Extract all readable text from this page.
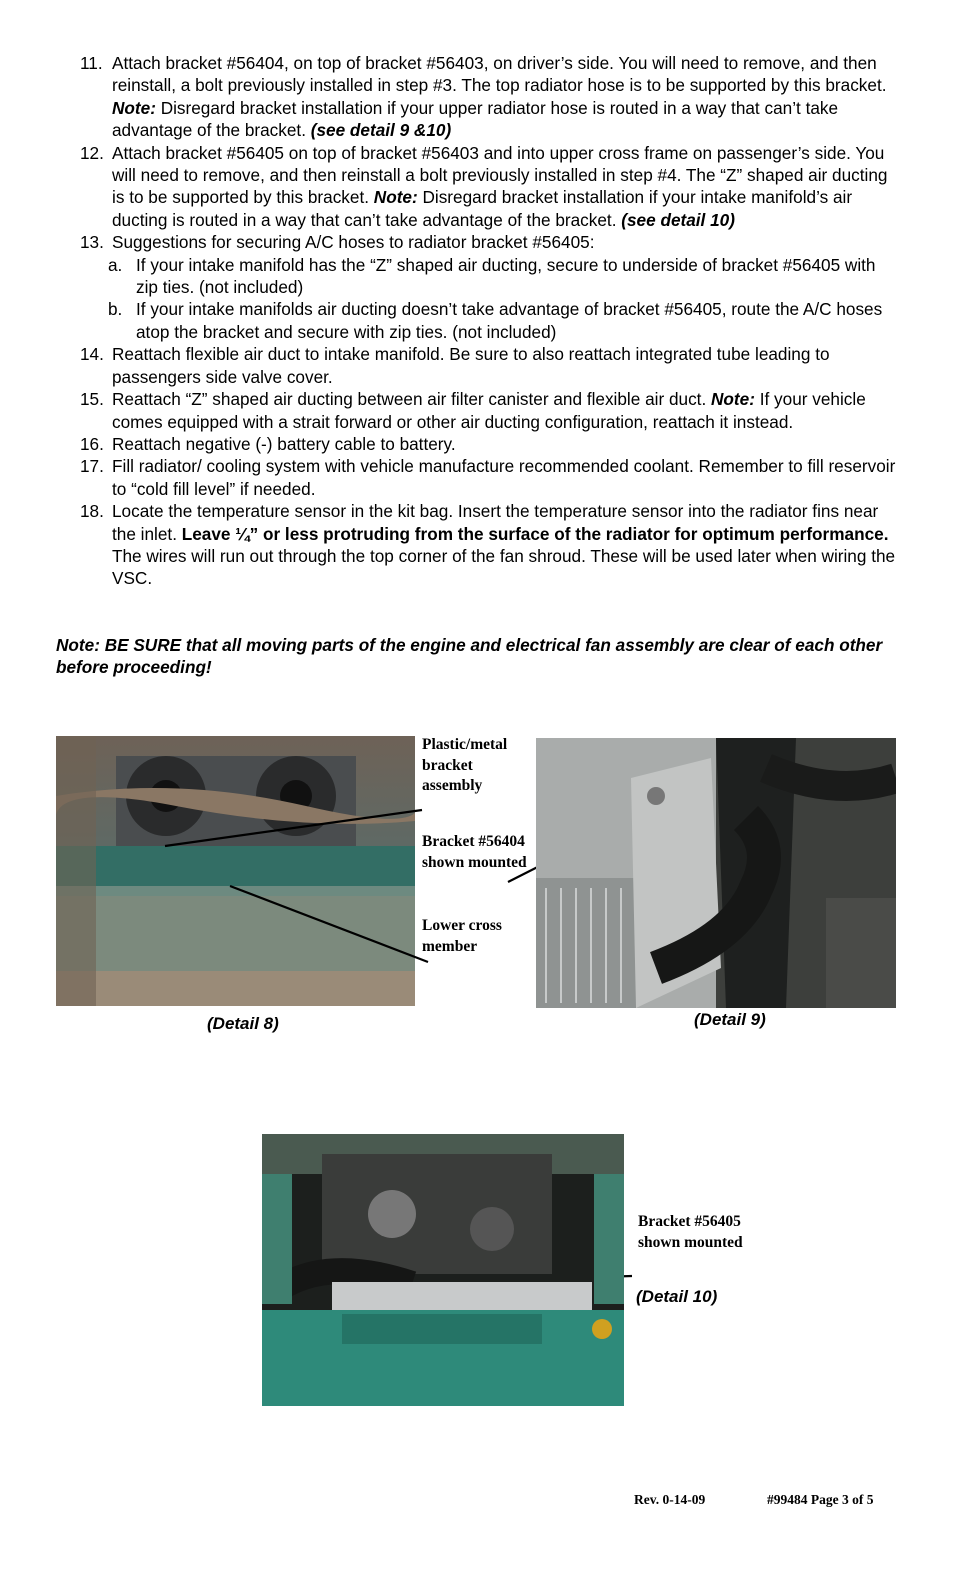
11. Attach bracket #56404, on top of bracket #56403, on driver’s side. You will need to remove, and then reinstall, a bolt previously installed in step #3. The top radiator hose is to be supported by this bracket. Note: Disregard bracket installation if your upper radiator hose is routed in a way that can’t take advantage of the bracket. (see detail 9 &10)
12. Attach bracket #56405 on top of bracket #56403 and into upper cross frame on passenger’s side. You will need to remove, and then reinstall a bolt previously installed in step #4. The “Z” shaped air ducting is to be supported by this bracket. Note: Disregard bracket installation if your intake manifold’s air ducting is routed in a way that can’t take advantage of the bracket. (see detail 10)
13. Suggestions for securing A/C hoses to radiator bracket #56405:
a. If your intake manifold has the “Z” shaped air ducting, secure to underside of bracket #56405 with zip ties. (not included)
b. If your intake manifolds air ducting doesn’t take advantage of bracket #56405, route the A/C hoses atop the bracket and secure with zip ties. (not included)
14. Reattach flexible air duct to intake manifold. Be sure to also reattach integrated tube leading to passengers side valve cover.
15. Reattach “Z” shaped air ducting between air filter canister and flexible air duct. Note: If your vehicle comes equipped with a strait forward or other air ducting configuration, reattach it instead.
16. Reattach negative (-) battery cable to battery.
17. Fill radiator/ cooling system with vehicle manufacture recommended coolant. Remember to fill reservoir to “cold fill level” if needed.
18. Locate the temperature sensor in the kit bag. Insert the temperature sensor into the radiator fins near the inlet. Leave ¼” or less protruding from the surface of the radiator for optimum performance. The wires will run out through the top corner of the fan shroud. These will be used later when wiring the VSC.
Note: BE SURE that all moving parts of the engine and electrical fan assembly are clear of each other before proceeding!
Plastic/metal bracket assembly
Bracket #56404 shown mounted
Lower cross member
(Detail 8)	(Detail 9)
Bracket #56405 shown mounted
(Detail 10)
Rev. 0-14-09	#99484 Page 3 of 5
